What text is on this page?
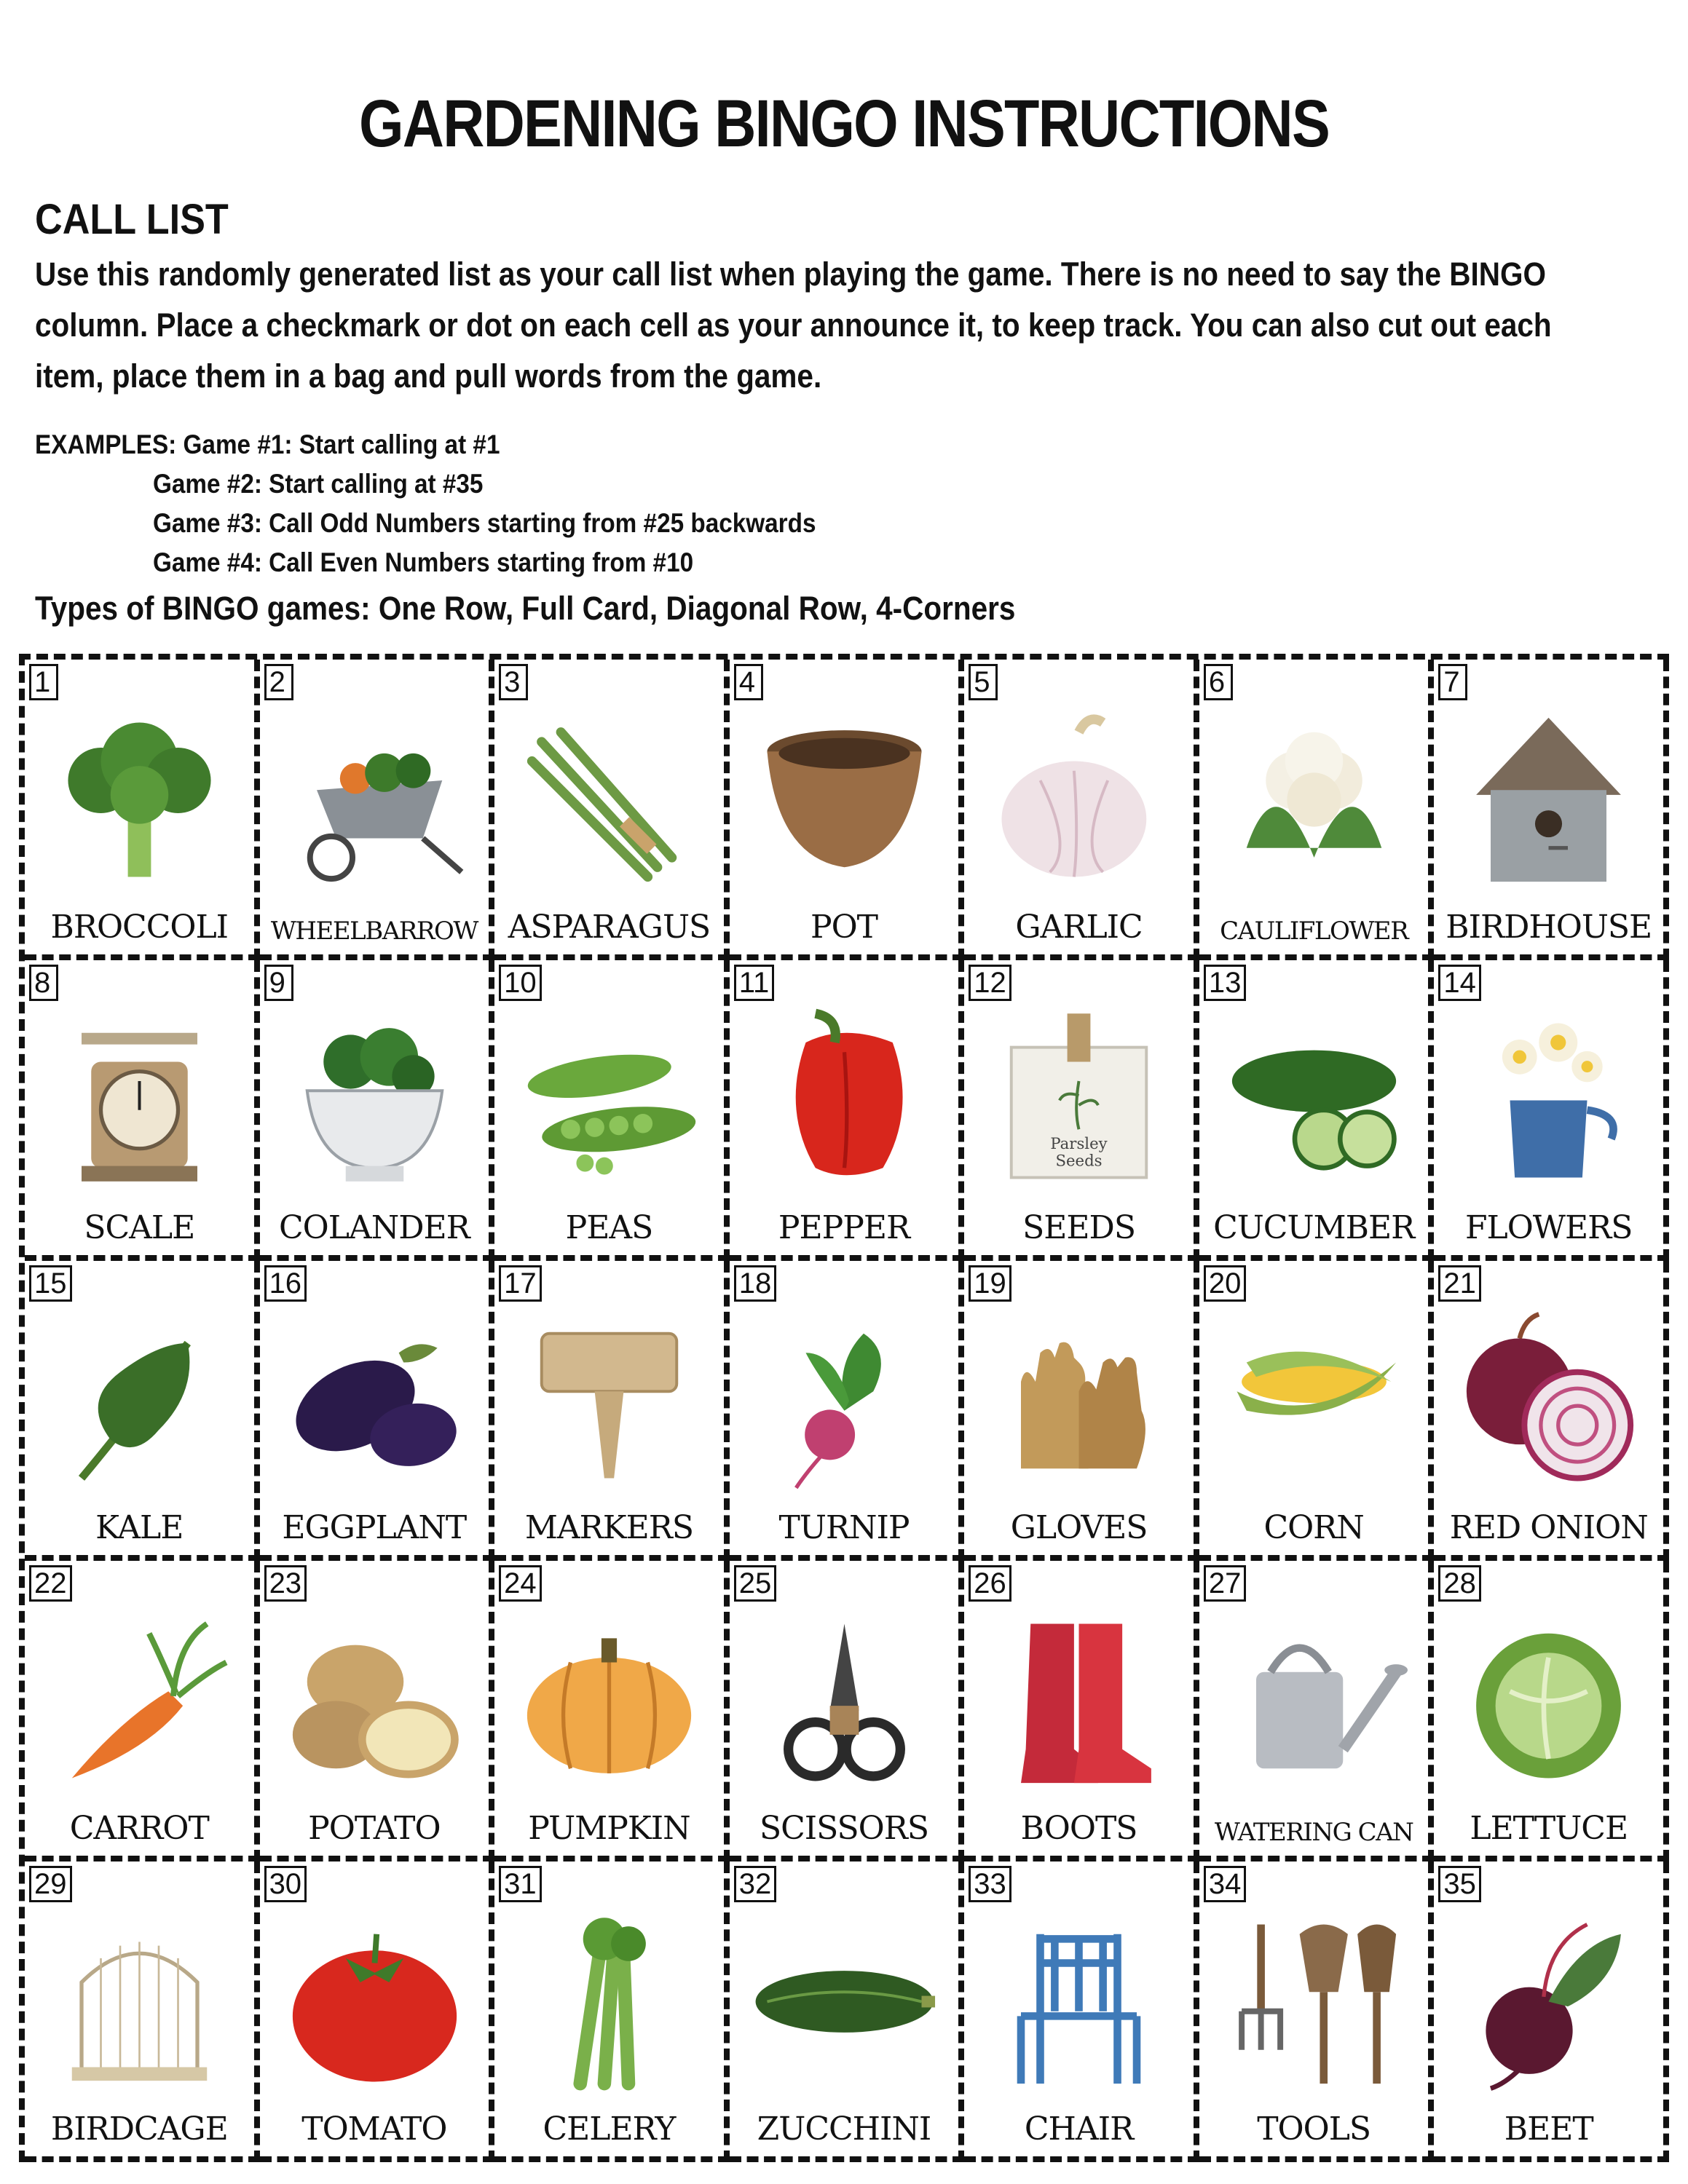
GARDENING BINGO INSTRUCTIONS
CALL LIST
Use this randomly generated list as your call list when playing the game. There is no need to say the BINGO column. Place a checkmark or dot on each cell as your announce it, to keep track. You can also cut out each item, place them in a bag and pull words from the game.
EXAMPLES: Game #1: Start calling at #1
Game #2: Start calling at #35
Game #3: Call Odd Numbers starting from #25 backwards
Game #4: Call Even Numbers starting from #10
Types of BINGO games: One Row, Full Card, Diagonal Row, 4-Corners
1
BROCCOLI
2
WHEELBARROW
3
ASPARAGUS
4
POT
5
GARLIC
6
CAULIFLOWER
7
BIRDHOUSE
8
SCALE
9
COLANDER
10
PEAS
11
PEPPER
12
Parsley
Seeds
SEEDS
13
CUCUMBER
14
FLOWERS
15
KALE
16
EGGPLANT
17
MARKERS
18
TURNIP
19
GLOVES
20
CORN
21
RED ONION
22
CARROT
23
POTATO
24
PUMPKIN
25
SCISSORS
26
BOOTS
27
WATERING CAN
28
LETTUCE
29
BIRDCAGE
30
TOMATO
31
CELERY
32
ZUCCHINI
33
CHAIR
34
TOOLS
35
BEET
